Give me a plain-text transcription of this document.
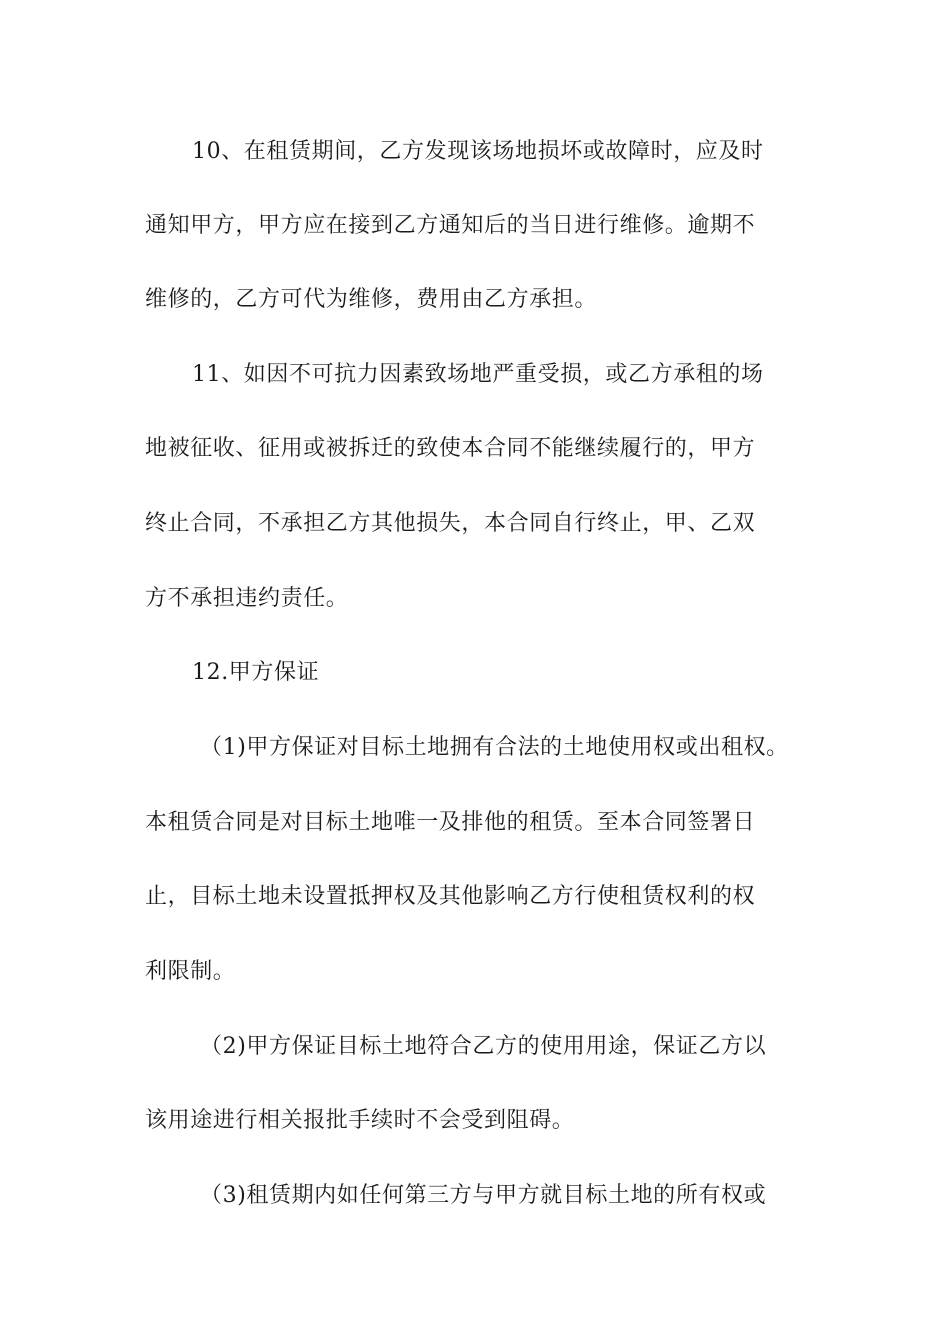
10、在租赁期间，乙方发现该场地损坏或故障时，应及时
通知甲方，甲方应在接到乙方通知后的当日进行维修。逾期不
维修的，乙方可代为维修，费用由乙方承担。
11、如因不可抗力因素致场地严重受损，或乙方承租的场
地被征收、征用或被拆迁的致使本合同不能继续履行的，甲方
终止合同，不承担乙方其他损失，本合同自行终止，甲、乙双
方不承担违约责任。
12.甲方保证
（1)甲方保证对目标土地拥有合法的土地使用权或出租权。
本租赁合同是对目标土地唯一及排他的租赁。至本合同签署日
止，目标土地未设置抵押权及其他影响乙方行使租赁权利的权
利限制。
（2)甲方保证目标土地符合乙方的使用用途，保证乙方以
该用途进行相关报批手续时不会受到阻碍。
（3)租赁期内如任何第三方与甲方就目标土地的所有权或
